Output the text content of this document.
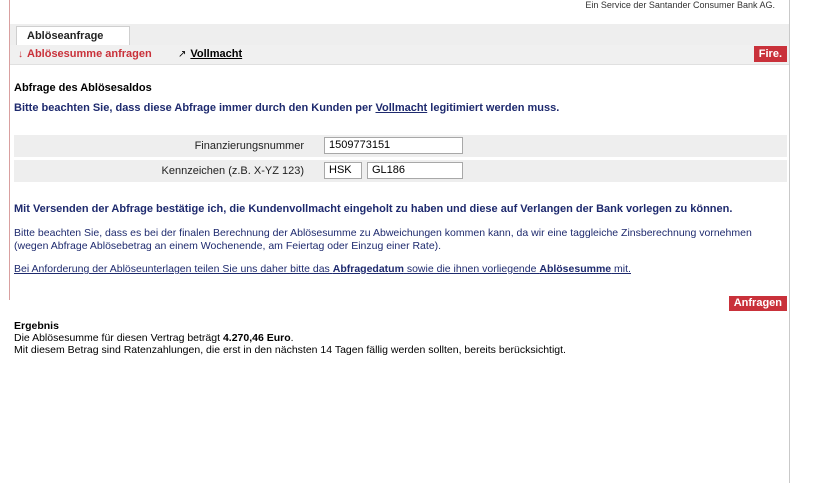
Ein Service der Santander Consumer Bank AG.
Ablöseanfrage
↓ Ablösesumme anfragen	↗ Vollmacht	Fire.
Abfrage des Ablösesaldos
Bitte beachten Sie, dass diese Abfrage immer durch den Kunden per Vollmacht legitimiert werden muss.
Finanzierungsnummer	1509773151
Kennzeichen (z.B. X-YZ 123)	HSK	GL186
Mit Versenden der Abfrage bestätige ich, die Kundenvollmacht eingeholt zu haben und diese auf Verlangen der Bank vorlegen zu können.
Bitte beachten Sie, dass es bei der finalen Berechnung der Ablösesumme zu Abweichungen kommen kann, da wir eine taggleiche Zinsberechnung vornehmen
(wegen Abfrage Ablösebetrag an einem Wochenende, am Feiertag oder Einzug einer Rate).
Bei Anforderung der Ablöseunterlagen teilen Sie uns daher bitte das Abfragedatum sowie die ihnen vorliegende Ablösesumme mit.
Anfragen
Ergebnis
Die Ablösesumme für diesen Vertrag beträgt 4.270,46 Euro.
Mit diesem Betrag sind Ratenzahlungen, die erst in den nächsten 14 Tagen fällig werden sollten, bereits berücksichtigt.
